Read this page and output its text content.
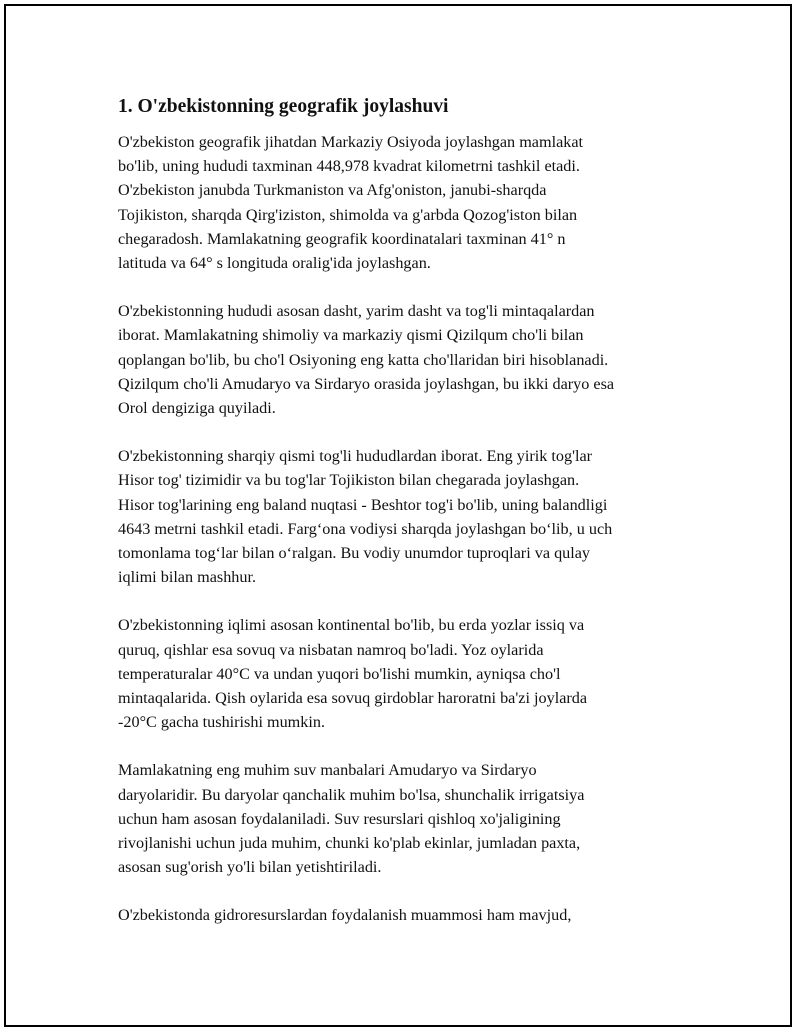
1. O'zbekistonning geografik joylashuvi
O'zbekiston geografik jihatdan Markaziy Osiyoda joylashgan mamlakat
bo'lib, uning hududi taxminan 448,978 kvadrat kilometrni tashkil etadi.
O'zbekiston janubda Turkmaniston va Afg'oniston, janubi-sharqda
Tojikiston, sharqda Qirg'iziston, shimolda va g'arbda Qozog'iston bilan
chegaradosh. Mamlakatning geografik koordinatalari taxminan 41° n
latituda va 64° s longituda oralig'ida joylashgan.
O'zbekistonning hududi asosan dasht, yarim dasht va tog'li mintaqalardan
iborat. Mamlakatning shimoliy va markaziy qismi Qizilqum cho'li bilan
qoplangan bo'lib, bu cho'l Osiyoning eng katta cho'llaridan biri hisoblanadi.
Qizilqum cho'li Amudaryo va Sirdaryo orasida joylashgan, bu ikki daryo esa
Orol dengiziga quyiladi.
O'zbekistonning sharqiy qismi tog'li hududlardan iborat. Eng yirik tog'lar
Hisor tog' tizimidir va bu tog'lar Tojikiston bilan chegarada joylashgan.
Hisor tog'larining eng baland nuqtasi - Beshtor tog'i bo'lib, uning balandligi
4643 metrni tashkil etadi. Farg‘ona vodiysi sharqda joylashgan bo‘lib, u uch
tomonlama tog‘lar bilan o‘ralgan. Bu vodiy unumdor tuproqlari va qulay
iqlimi bilan mashhur.
O'zbekistonning iqlimi asosan kontinental bo'lib, bu erda yozlar issiq va
quruq, qishlar esa sovuq va nisbatan namroq bo'ladi. Yoz oylarida
temperaturalar 40°C va undan yuqori bo'lishi mumkin, ayniqsa cho'l
mintaqalarida. Qish oylarida esa sovuq girdoblar haroratni ba'zi joylarda
-20°C gacha tushirishi mumkin.
Mamlakatning eng muhim suv manbalari Amudaryo va Sirdaryo
daryolaridir. Bu daryolar qanchalik muhim bo'lsa, shunchalik irrigatsiya
uchun ham asosan foydalaniladi. Suv resurslari qishloq xo'jaligining
rivojlanishi uchun juda muhim, chunki ko'plab ekinlar, jumladan paxta,
asosan sug'orish yo'li bilan yetishtiriladi.
O'zbekistonda gidroresurslardan foydalanish muammosi ham mavjud,
